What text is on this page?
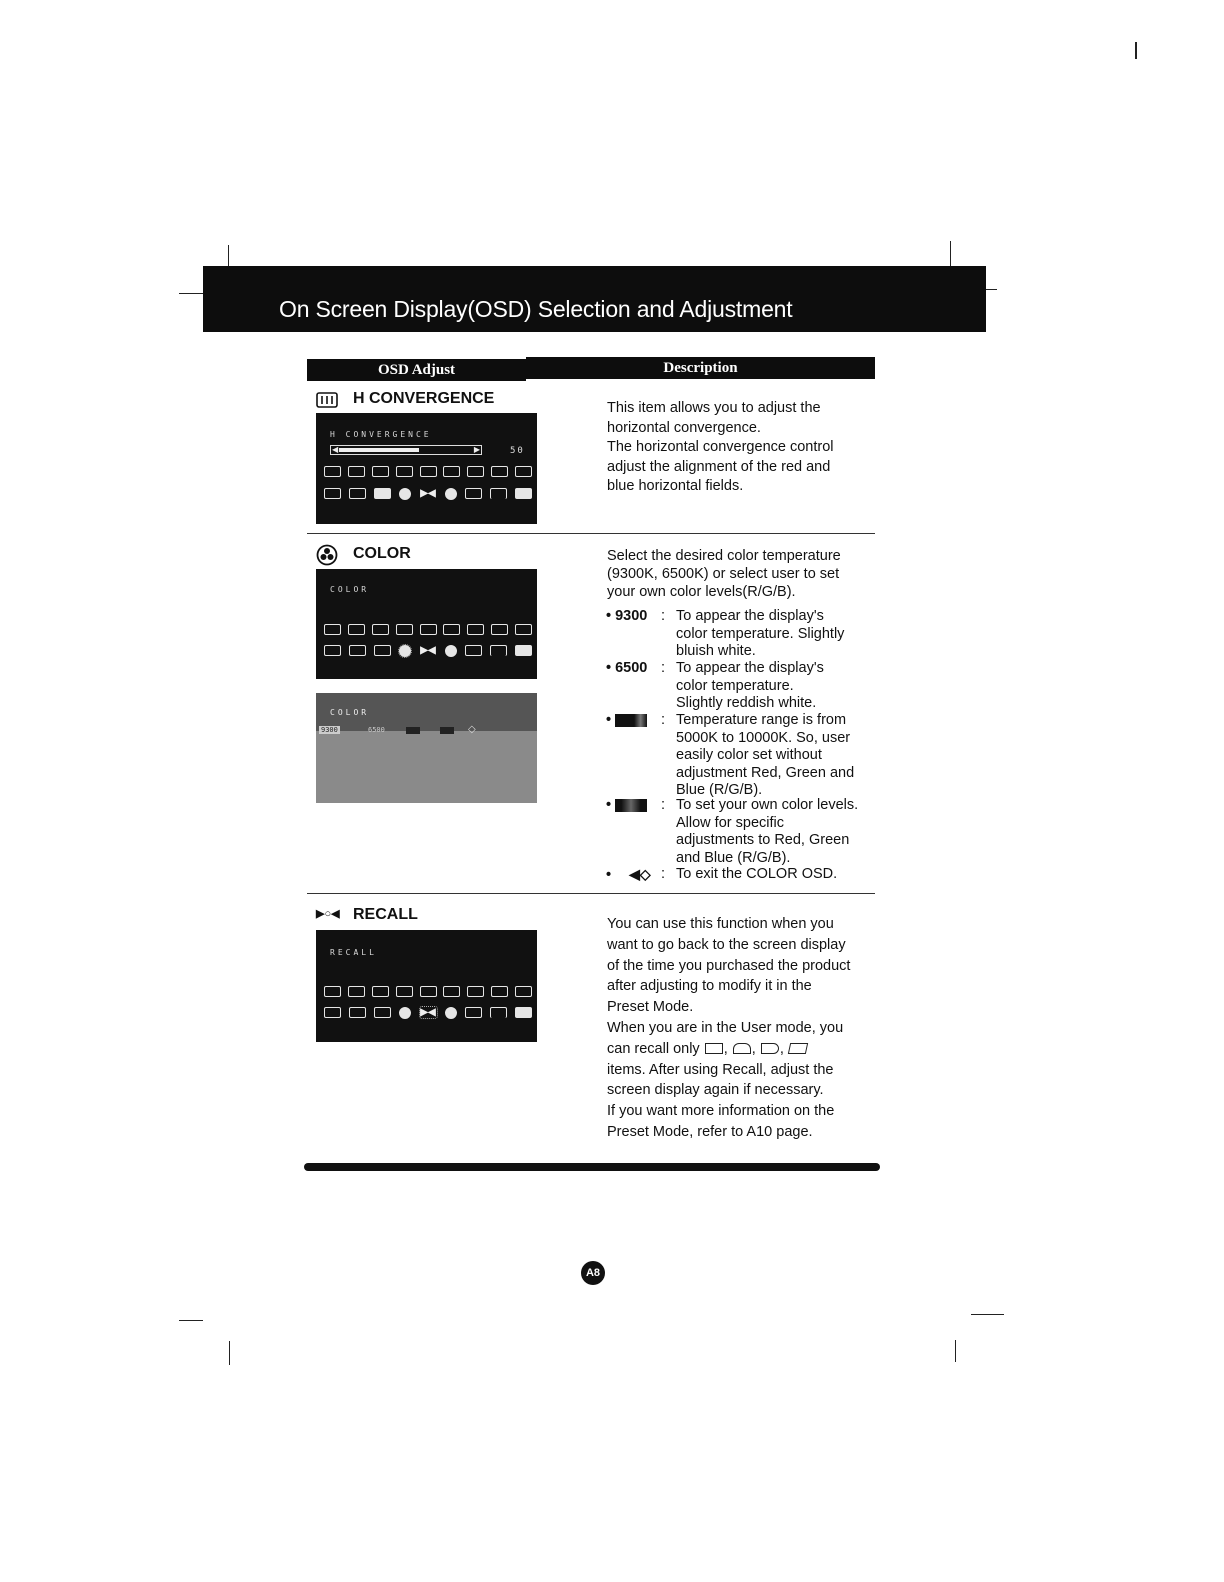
On Screen Display(OSD) Selection and Adjustment
OSD Adjust	Description
H CONVERGENCE
H CONVERGENCE
◀	▶	50
▶◀
This item allows you to adjust the
horizontal convergence.
The horizontal convergence control
adjust the alignment of the red and
blue horizontal fields.
COLOR
COLOR
▶◀
COLOR
9300	6500	◇
Select the desired color temperature
(9300K, 6500K) or select user to set
your own color levels(R/G/B).
• 9300 : To appear the display's
color temperature. Slightly
bluish white.
• 6500 : To appear the display's
color temperature.
Slightly reddish white.
•	: Temperature range is from
5000K to 10000K. So, user
easily color set without
adjustment Red, Green and
Blue (R/G/B).
•	: To set your own color levels.
Allow for specific
adjustments to Red, Green
and Blue (R/G/B).
• ◀◇ : To exit the COLOR OSD.
▶○◀ RECALL
RECALL
▶◀
You can use this function when you
want to go back to the screen display
of the time you purchased the product
after adjusting to modify it in the
Preset Mode.
When you are in the User mode, you
can recall only , , ,
items. After using Recall, adjust the
screen display again if necessary.
If you want more information on the
Preset Mode, refer to A10 page.
A8
